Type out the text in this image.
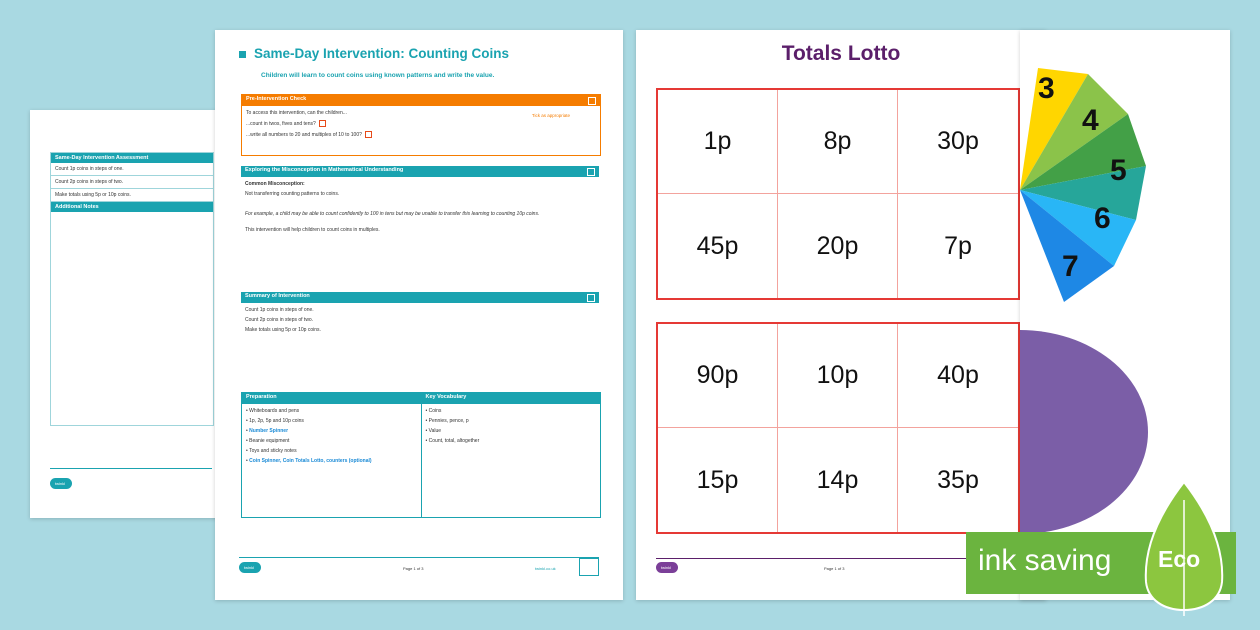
Same-Day Intervention Assessment
Count 1p coins in steps of one.
Count 2p coins in steps of two.
Make totals using 5p or 10p coins.
Additional Notes
twinkl
Same-Day Intervention: Counting Coins
Children will learn to count coins using known patterns and write the value.
Pre-Intervention Check
To access this intervention, can the children...	Tick as appropriate
...count in twos, fives and tens?
...write all numbers to 20 and multiples of 10 to 100?
Exploring the Misconception in Mathematical Understanding
Common Misconception:
Not transferring counting patterns to coins.
For example, a child may be able to count confidently to 100 in tens but may be unable to transfer this learning to counting 10p coins.
This intervention will help children to count coins in multiples.
Summary of Intervention
Count 1p coins in steps of one.
Count 2p coins in steps of two.
Make totals using 5p or 10p coins.
Preparation
• Whiteboards and pens
• 1p, 2p, 5p and 10p coins
• Number Spinner
• Beanie equipment
• Toys and sticky notes
• Coin Spinner, Coin Totals Lotto, counters (optional)
Key Vocabulary
• Coins
• Pennies, pence, p
• Value
• Count, total, altogether
twinkl	Page 1 of 3	twinkl.co.uk
Totals Lotto
1p	8p	30p
45p	20p	7p
90p	10p	40p
15p	14p	35p
twinkl	Page 1 of 3
3
4
5
6
7
ink saving Eco
